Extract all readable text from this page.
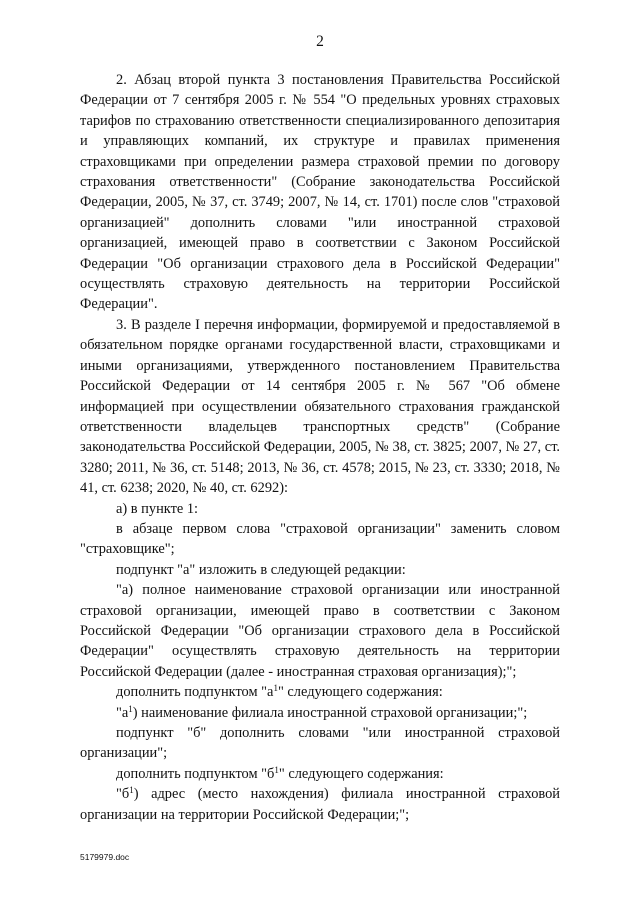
2

2. Абзац второй пункта 3 постановления Правительства Российской Федерации от 7 сентября 2005 г. № 554 "О предельных уровнях страховых тарифов по страхованию ответственности специализированного депозитария и управляющих компаний, их структуре и правилах применения страховщиками при определении размера страховой премии по договору страхования ответственности" (Собрание законодательства Российской Федерации, 2005, № 37, ст. 3749; 2007, № 14, ст. 1701) после слов "страховой организацией" дополнить словами "или иностранной страховой организацией, имеющей право в соответствии с Законом Российской Федерации "Об организации страхового дела в Российской Федерации" осуществлять страховую деятельность на территории Российской Федерации".

3. В разделе I перечня информации, формируемой и предоставляемой в обязательном порядке органами государственной власти, страховщиками и иными организациями, утвержденного постановлением Правительства Российской Федерации от 14 сентября 2005 г. № 567 "Об обмене информацией при осуществлении обязательного страхования гражданской ответственности владельцев транспортных средств" (Собрание законодательства Российской Федерации, 2005, № 38, ст. 3825; 2007, № 27, ст. 3280; 2011, № 36, ст. 5148; 2013, № 36, ст. 4578; 2015, № 23, ст. 3330; 2018, № 41, ст. 6238; 2020, № 40, ст. 6292):

а) в пункте 1:

в абзаце первом слова "страховой организации" заменить словом "страховщике";

подпункт "а" изложить в следующей редакции:

"а) полное наименование страховой организации или иностранной страховой организации, имеющей право в соответствии с Законом Российской Федерации "Об организации страхового дела в Российской Федерации" осуществлять страховую деятельность на территории Российской Федерации (далее - иностранная страховая организация);";

дополнить подпунктом "$а^1$" следующего содержания:

"$а^1$) наименование филиала иностранной страховой организации;";

подпункт "б" дополнить словами "или иностранной страховой организации";

дополнить подпунктом "$б^1$" следующего содержания:

"$б^1$) адрес (место нахождения) филиала иностранной страховой организации на территории Российской Федерации;";

5179979.doc
